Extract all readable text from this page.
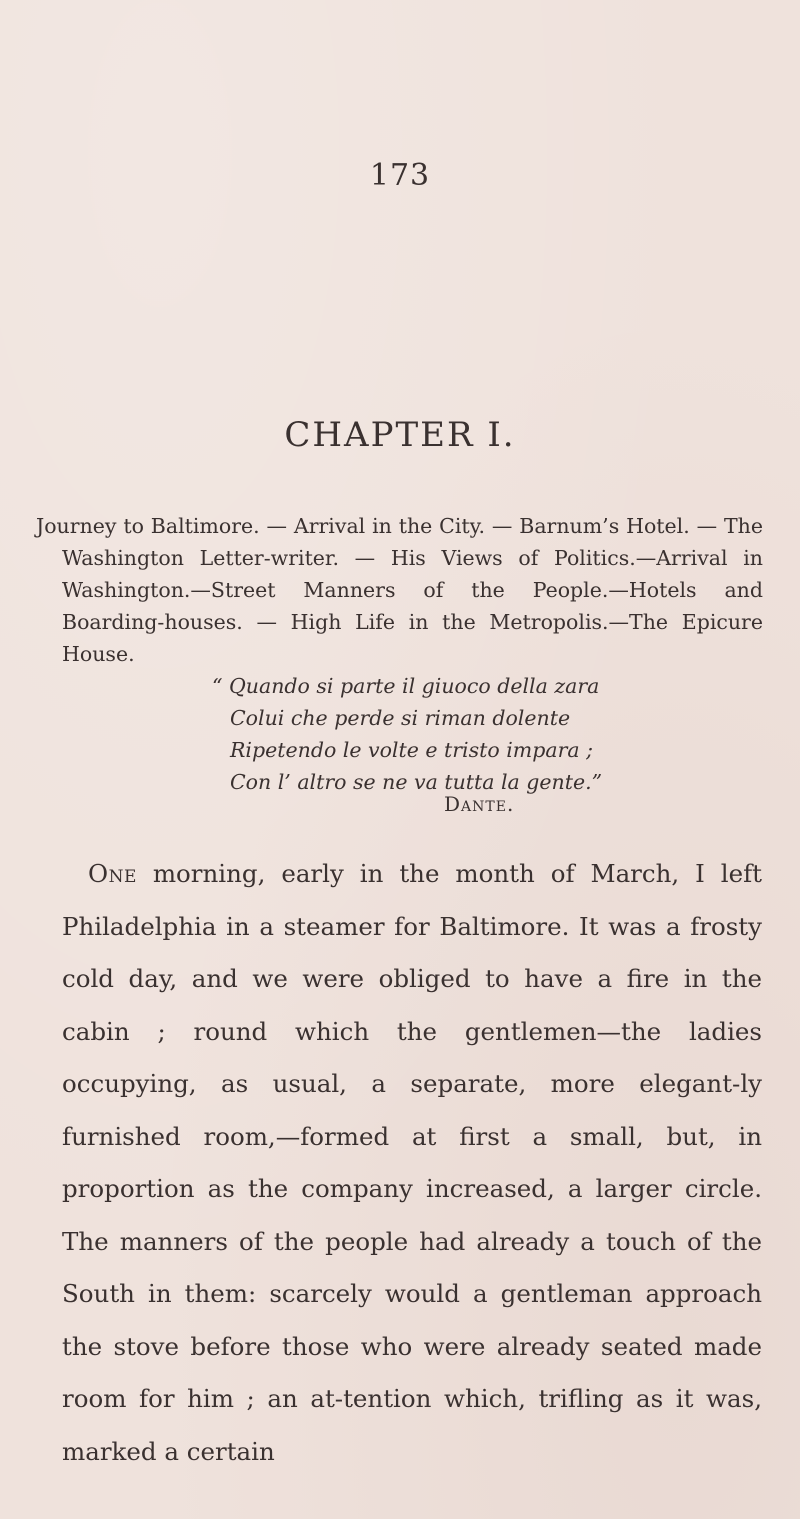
173
CHAPTER I.

Journey to Baltimore. — Arrival in the City. — Barnum’s Hotel. — The Washington Letter-writer. — His Views of Politics.—Arrival in Washington.—Street Manners of the People.—Hotels and Boarding-houses. — High Life in the Metropolis.—The Epicure House.

“ Quando si parte il giuoco della zara
Colui che perde si riman dolente
Ripetendo le volte e tristo impara ;
Con l’ altro se ne va tutta la gente.”
Dante.

One morning, early in the month of March, I left Philadelphia in a steamer for Baltimore. It was a frosty cold day, and we were obliged to have a fire in the cabin ; round which the gentlemen—the ladies occupying, as usual, a separate, more elegant-ly furnished room,—formed at first a small, but, in proportion as the company increased, a larger circle. The manners of the people had already a touch of the South in them: scarcely would a gentleman approach the stove before those who were already seated made room for him ; an at-tention which, trifling as it was, marked a certain
